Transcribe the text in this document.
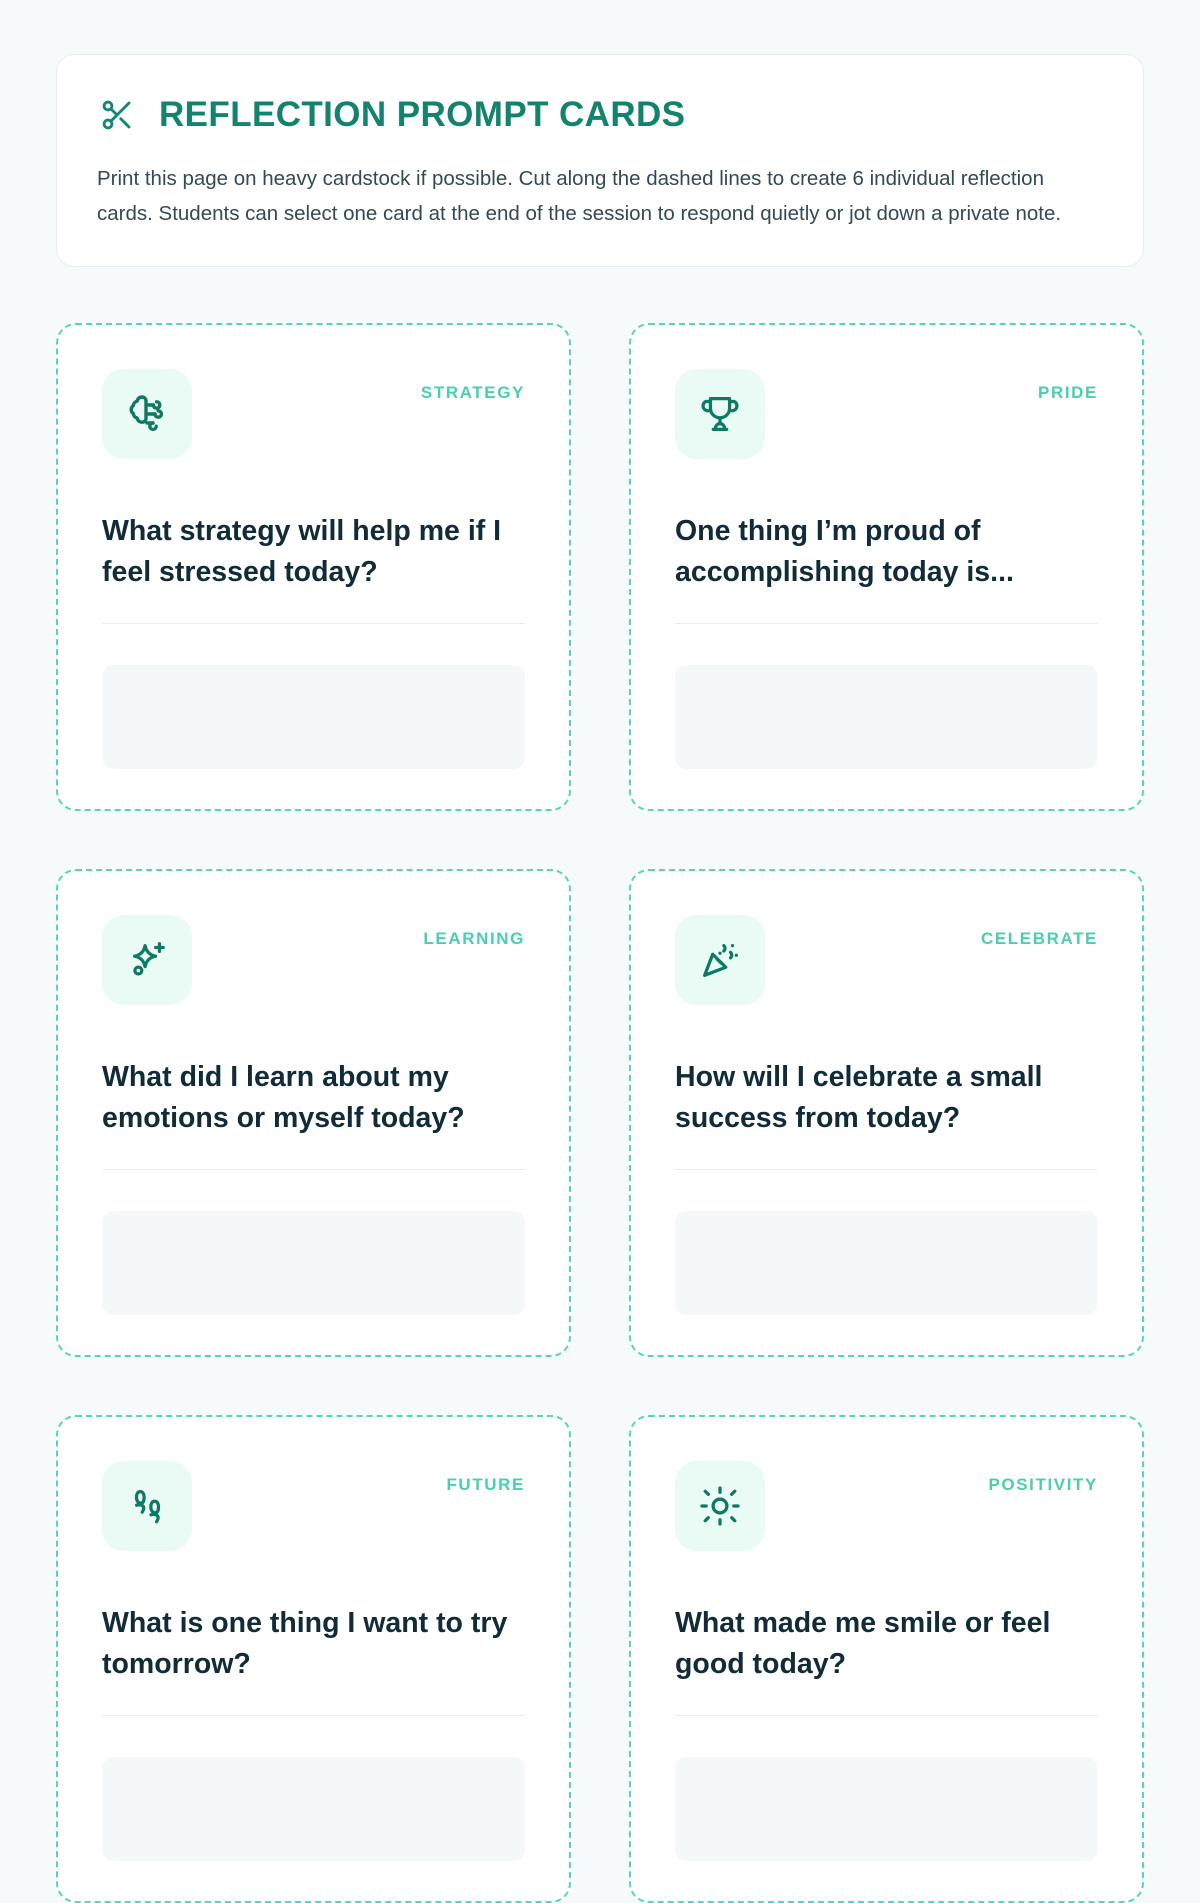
REFLECTION PROMPT CARDS

Print this page on heavy cardstock if possible. Cut along the dashed lines to create 6 individual reflection cards. Students can select one card at the end of the session to respond quietly or jot down a private note.

STRATEGY

What strategy will help me if I feel stressed today?

PRIDE

One thing I’m proud of accomplishing today is...

LEARNING

What did I learn about my emotions or myself today?

CELEBRATE

How will I celebrate a small success from today?

FUTURE

What is one thing I want to try tomorrow?

POSITIVITY

What made me smile or feel good today?
